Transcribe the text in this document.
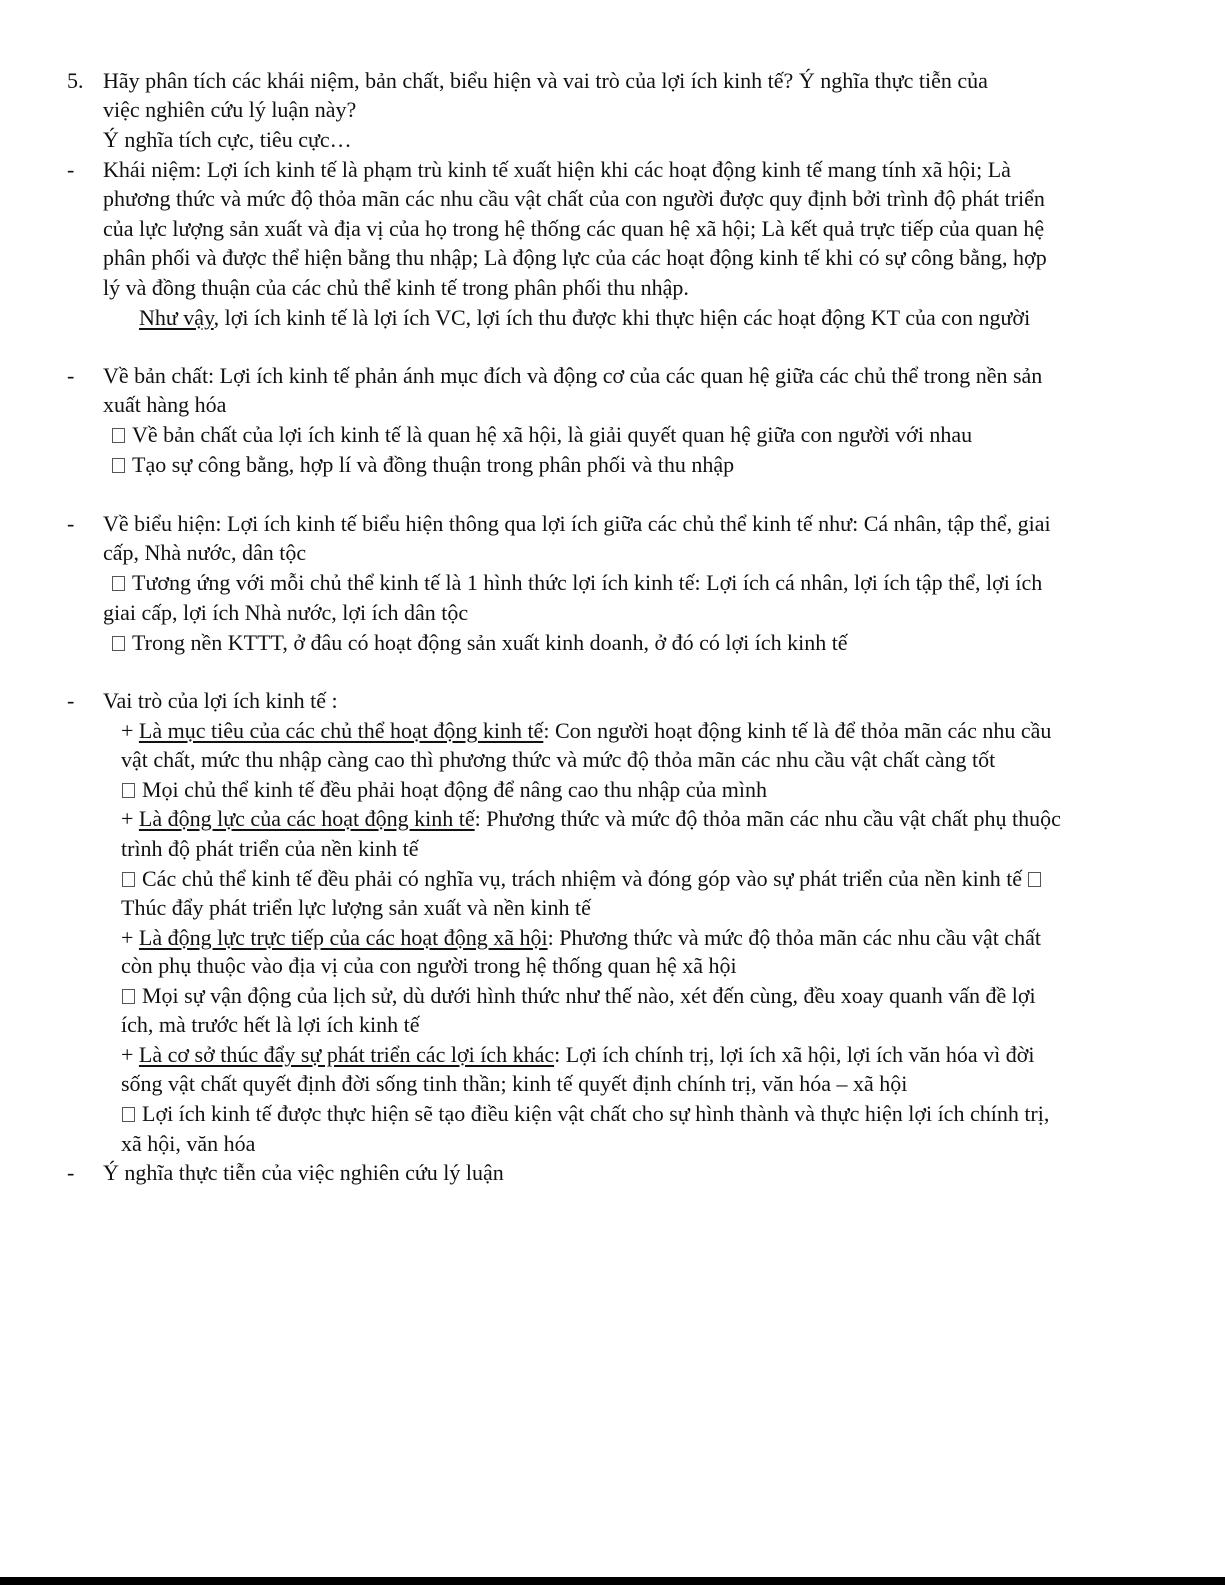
5. Hãy phân tích các khái niệm, bản chất, biểu hiện và vai trò của lợi ích kinh tế? Ý nghĩa thực tiễn của
việc nghiên cứu lý luận này?
Ý nghĩa tích cực, tiêu cực…
- Khái niệm: Lợi ích kinh tế là phạm trù kinh tế xuất hiện khi các hoạt động kinh tế mang tính xã hội; Là
phương thức và mức độ thỏa mãn các nhu cầu vật chất của con người được quy định bởi trình độ phát triển
của lực lượng sản xuất và địa vị của họ trong hệ thống các quan hệ xã hội; Là kết quả trực tiếp của quan hệ
phân phối và được thể hiện bằng thu nhập; Là động lực của các hoạt động kinh tế khi có sự công bằng, hợp
lý và đồng thuận của các chủ thể kinh tế trong phân phối thu nhập.
Như vậy, lợi ích kinh tế là lợi ích VC, lợi ích thu được khi thực hiện các hoạt động KT của con người
- Về bản chất: Lợi ích kinh tế phản ánh mục đích và động cơ của các quan hệ giữa các chủ thể trong nền sản
xuất hàng hóa
Về bản chất của lợi ích kinh tế là quan hệ xã hội, là giải quyết quan hệ giữa con người với nhau
Tạo sự công bằng, hợp lí và đồng thuận trong phân phối và thu nhập
- Về biểu hiện: Lợi ích kinh tế biểu hiện thông qua lợi ích giữa các chủ thể kinh tế như: Cá nhân, tập thể, giai
cấp, Nhà nước, dân tộc
Tương ứng với mỗi chủ thể kinh tế là 1 hình thức lợi ích kinh tế: Lợi ích cá nhân, lợi ích tập thể, lợi ích
giai cấp, lợi ích Nhà nước, lợi ích dân tộc
Trong nền KTTT, ở đâu có hoạt động sản xuất kinh doanh, ở đó có lợi ích kinh tế
- Vai trò của lợi ích kinh tế :
+ Là mục tiêu của các chủ thể hoạt động kinh tế: Con người hoạt động kinh tế là để thỏa mãn các nhu cầu
vật chất, mức thu nhập càng cao thì phương thức và mức độ thỏa mãn các nhu cầu vật chất càng tốt
Mọi chủ thể kinh tế đều phải hoạt động để nâng cao thu nhập của mình
+ Là động lực của các hoạt động kinh tế: Phương thức và mức độ thỏa mãn các nhu cầu vật chất phụ thuộc
trình độ phát triển của nền kinh tế
Các chủ thể kinh tế đều phải có nghĩa vụ, trách nhiệm và đóng góp vào sự phát triển của nền kinh tế
Thúc đẩy phát triển lực lượng sản xuất và nền kinh tế
+ Là động lực trực tiếp của các hoạt động xã hội: Phương thức và mức độ thỏa mãn các nhu cầu vật chất
còn phụ thuộc vào địa vị của con người trong hệ thống quan hệ xã hội
Mọi sự vận động của lịch sử, dù dưới hình thức như thế nào, xét đến cùng, đều xoay quanh vấn đề lợi
ích, mà trước hết là lợi ích kinh tế
+ Là cơ sở thúc đẩy sự phát triển các lợi ích khác: Lợi ích chính trị, lợi ích xã hội, lợi ích văn hóa vì đời
sống vật chất quyết định đời sống tinh thần; kinh tế quyết định chính trị, văn hóa – xã hội
Lợi ích kinh tế được thực hiện sẽ tạo điều kiện vật chất cho sự hình thành và thực hiện lợi ích chính trị,
xã hội, văn hóa
- Ý nghĩa thực tiễn của việc nghiên cứu lý luận
